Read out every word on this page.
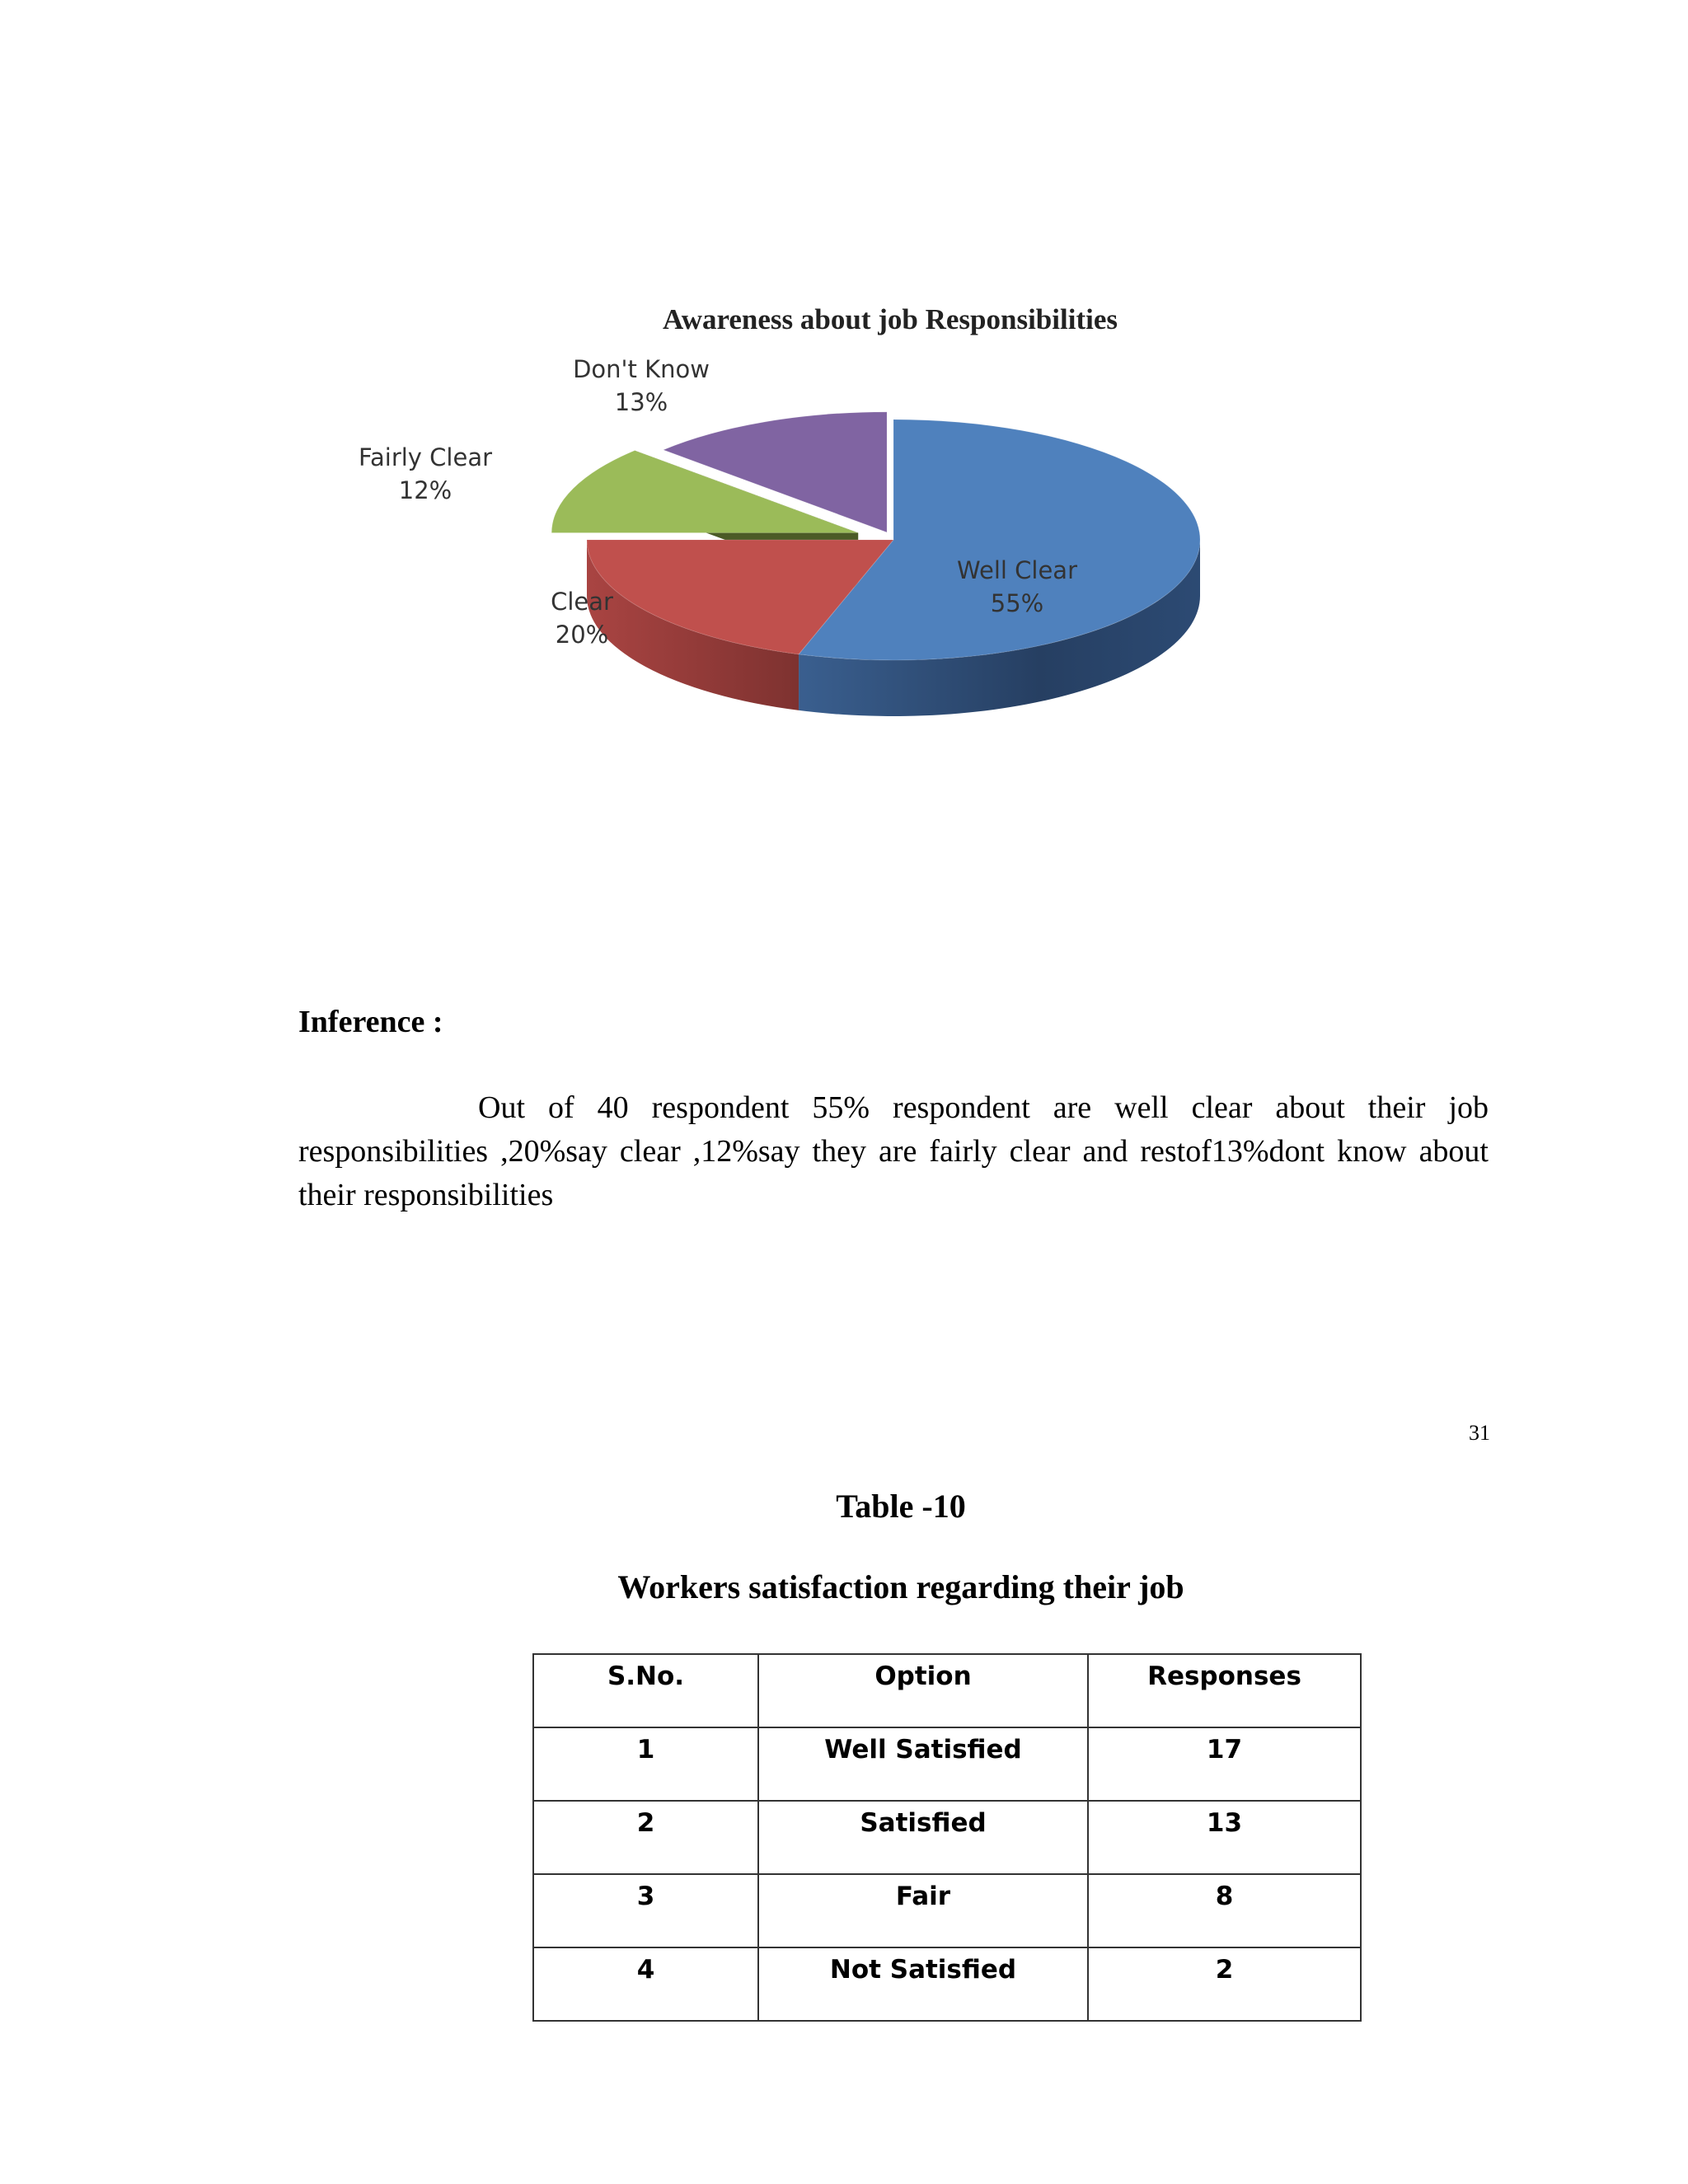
Awareness about job Responsibilities
Well Clear
55%
Clear
20%
Fairly Clear
12%
Don't Know
13%
Inference :
Out of 40 respondent 55% respondent are well clear about their job responsibilities ,20%say clear ,12%say they are fairly clear and restof13%dont know about their responsibilities
31
Table -10
Workers satisfaction regarding their job
S.No.	Option	Responses
1	Well Satisfied	17
2	Satisfied	13
3	Fair	8
4	Not Satisfied	2
